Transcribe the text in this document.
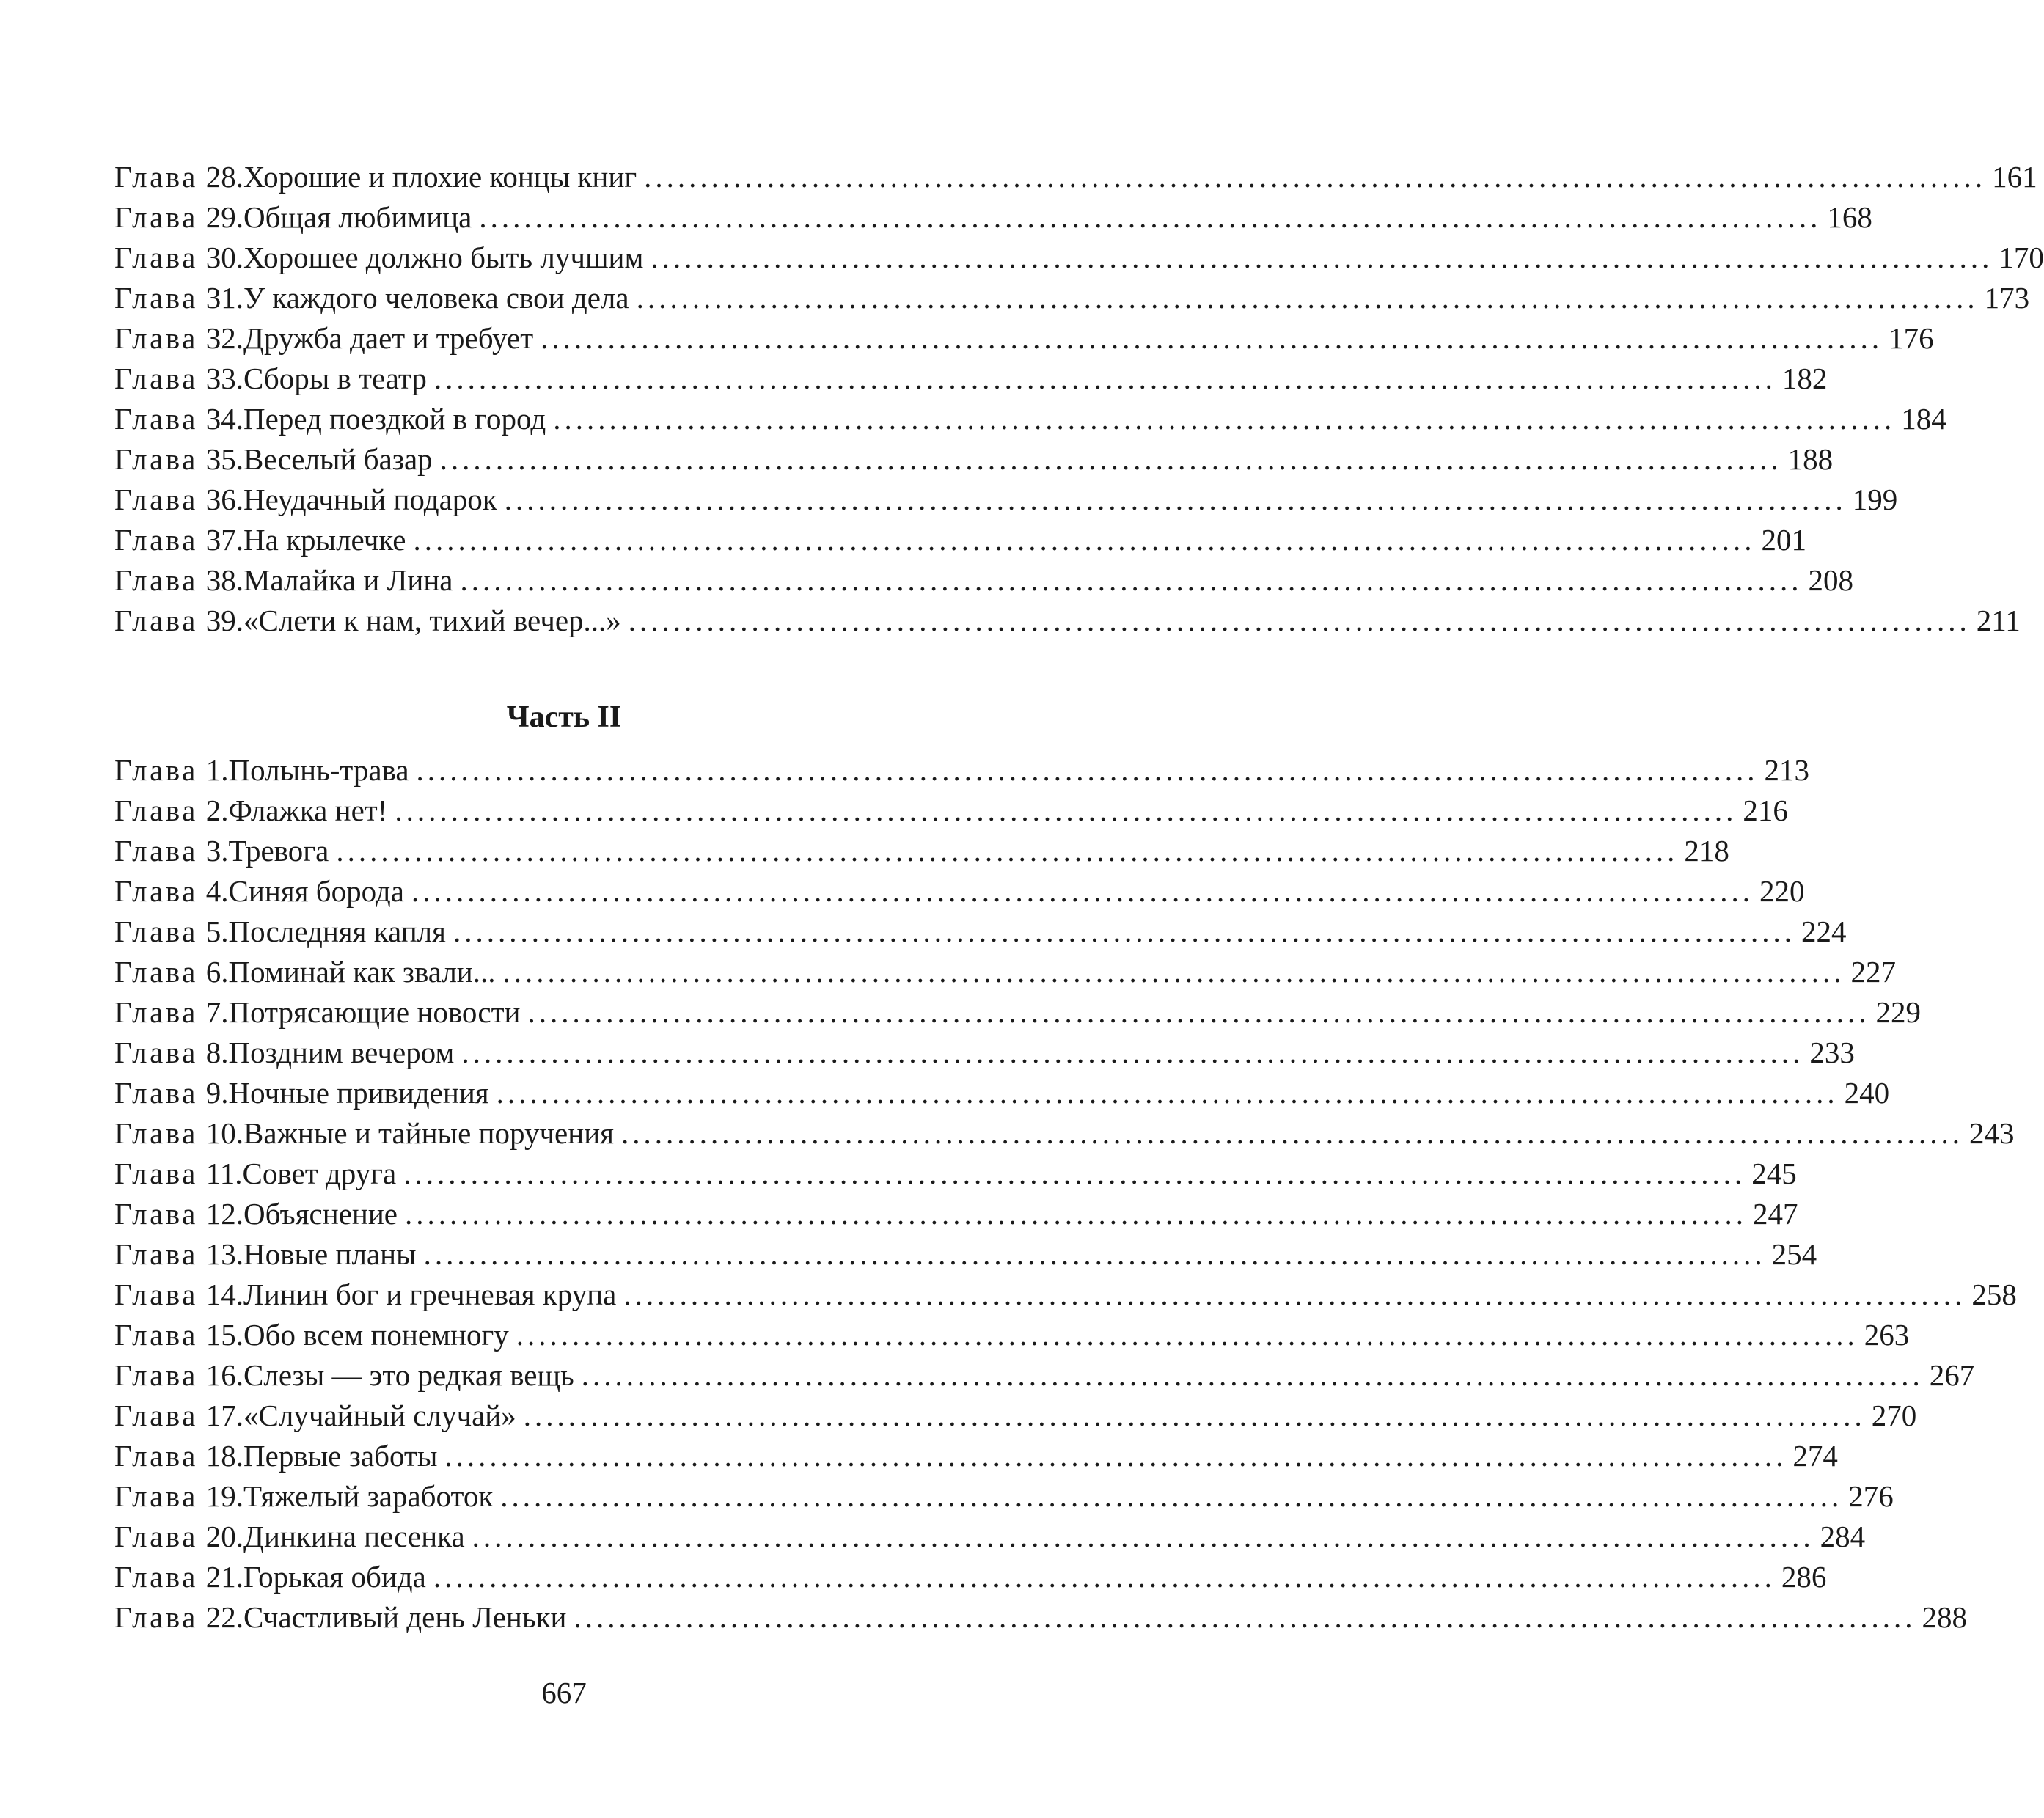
Глава 28. Хорошие и плохие концы книг ........................................................................................................................ 161
Глава 29. Общая любимица ........................................................................................................................ 168
Глава 30. Хорошее должно быть лучшим ........................................................................................................................ 170
Глава 31. У каждого человека свои дела ........................................................................................................................ 173
Глава 32. Дружба дает и требует ........................................................................................................................ 176
Глава 33. Сборы в театр ........................................................................................................................ 182
Глава 34. Перед поездкой в город ........................................................................................................................ 184
Глава 35. Веселый базар ........................................................................................................................ 188
Глава 36. Неудачный подарок ........................................................................................................................ 199
Глава 37. На крылечке ........................................................................................................................ 201
Глава 38. Малайка и Лина ........................................................................................................................ 208
Глава 39. «Слети к нам, тихий вечер...» ........................................................................................................................ 211
Часть II
Глава 1. Полынь-трава ........................................................................................................................ 213
Глава 2. Флажка нет! ........................................................................................................................ 216
Глава 3. Тревога ........................................................................................................................ 218
Глава 4. Синяя борода ........................................................................................................................ 220
Глава 5. Последняя капля ........................................................................................................................ 224
Глава 6. Поминай как звали... ........................................................................................................................ 227
Глава 7. Потрясающие новости ........................................................................................................................ 229
Глава 8. Поздним вечером ........................................................................................................................ 233
Глава 9. Ночные привидения ........................................................................................................................ 240
Глава 10. Важные и тайные поручения ........................................................................................................................ 243
Глава 11. Совет друга ........................................................................................................................ 245
Глава 12. Объяснение ........................................................................................................................ 247
Глава 13. Новые планы ........................................................................................................................ 254
Глава 14. Линин бог и гречневая крупа ........................................................................................................................ 258
Глава 15. Обо всем понемногу ........................................................................................................................ 263
Глава 16. Слезы — это редкая вещь ........................................................................................................................ 267
Глава 17. «Случайный случай» ........................................................................................................................ 270
Глава 18. Первые заботы ........................................................................................................................ 274
Глава 19. Тяжелый заработок ........................................................................................................................ 276
Глава 20. Динкина песенка ........................................................................................................................ 284
Глава 21. Горькая обида ........................................................................................................................ 286
Глава 22. Счастливый день Леньки ........................................................................................................................ 288
667
